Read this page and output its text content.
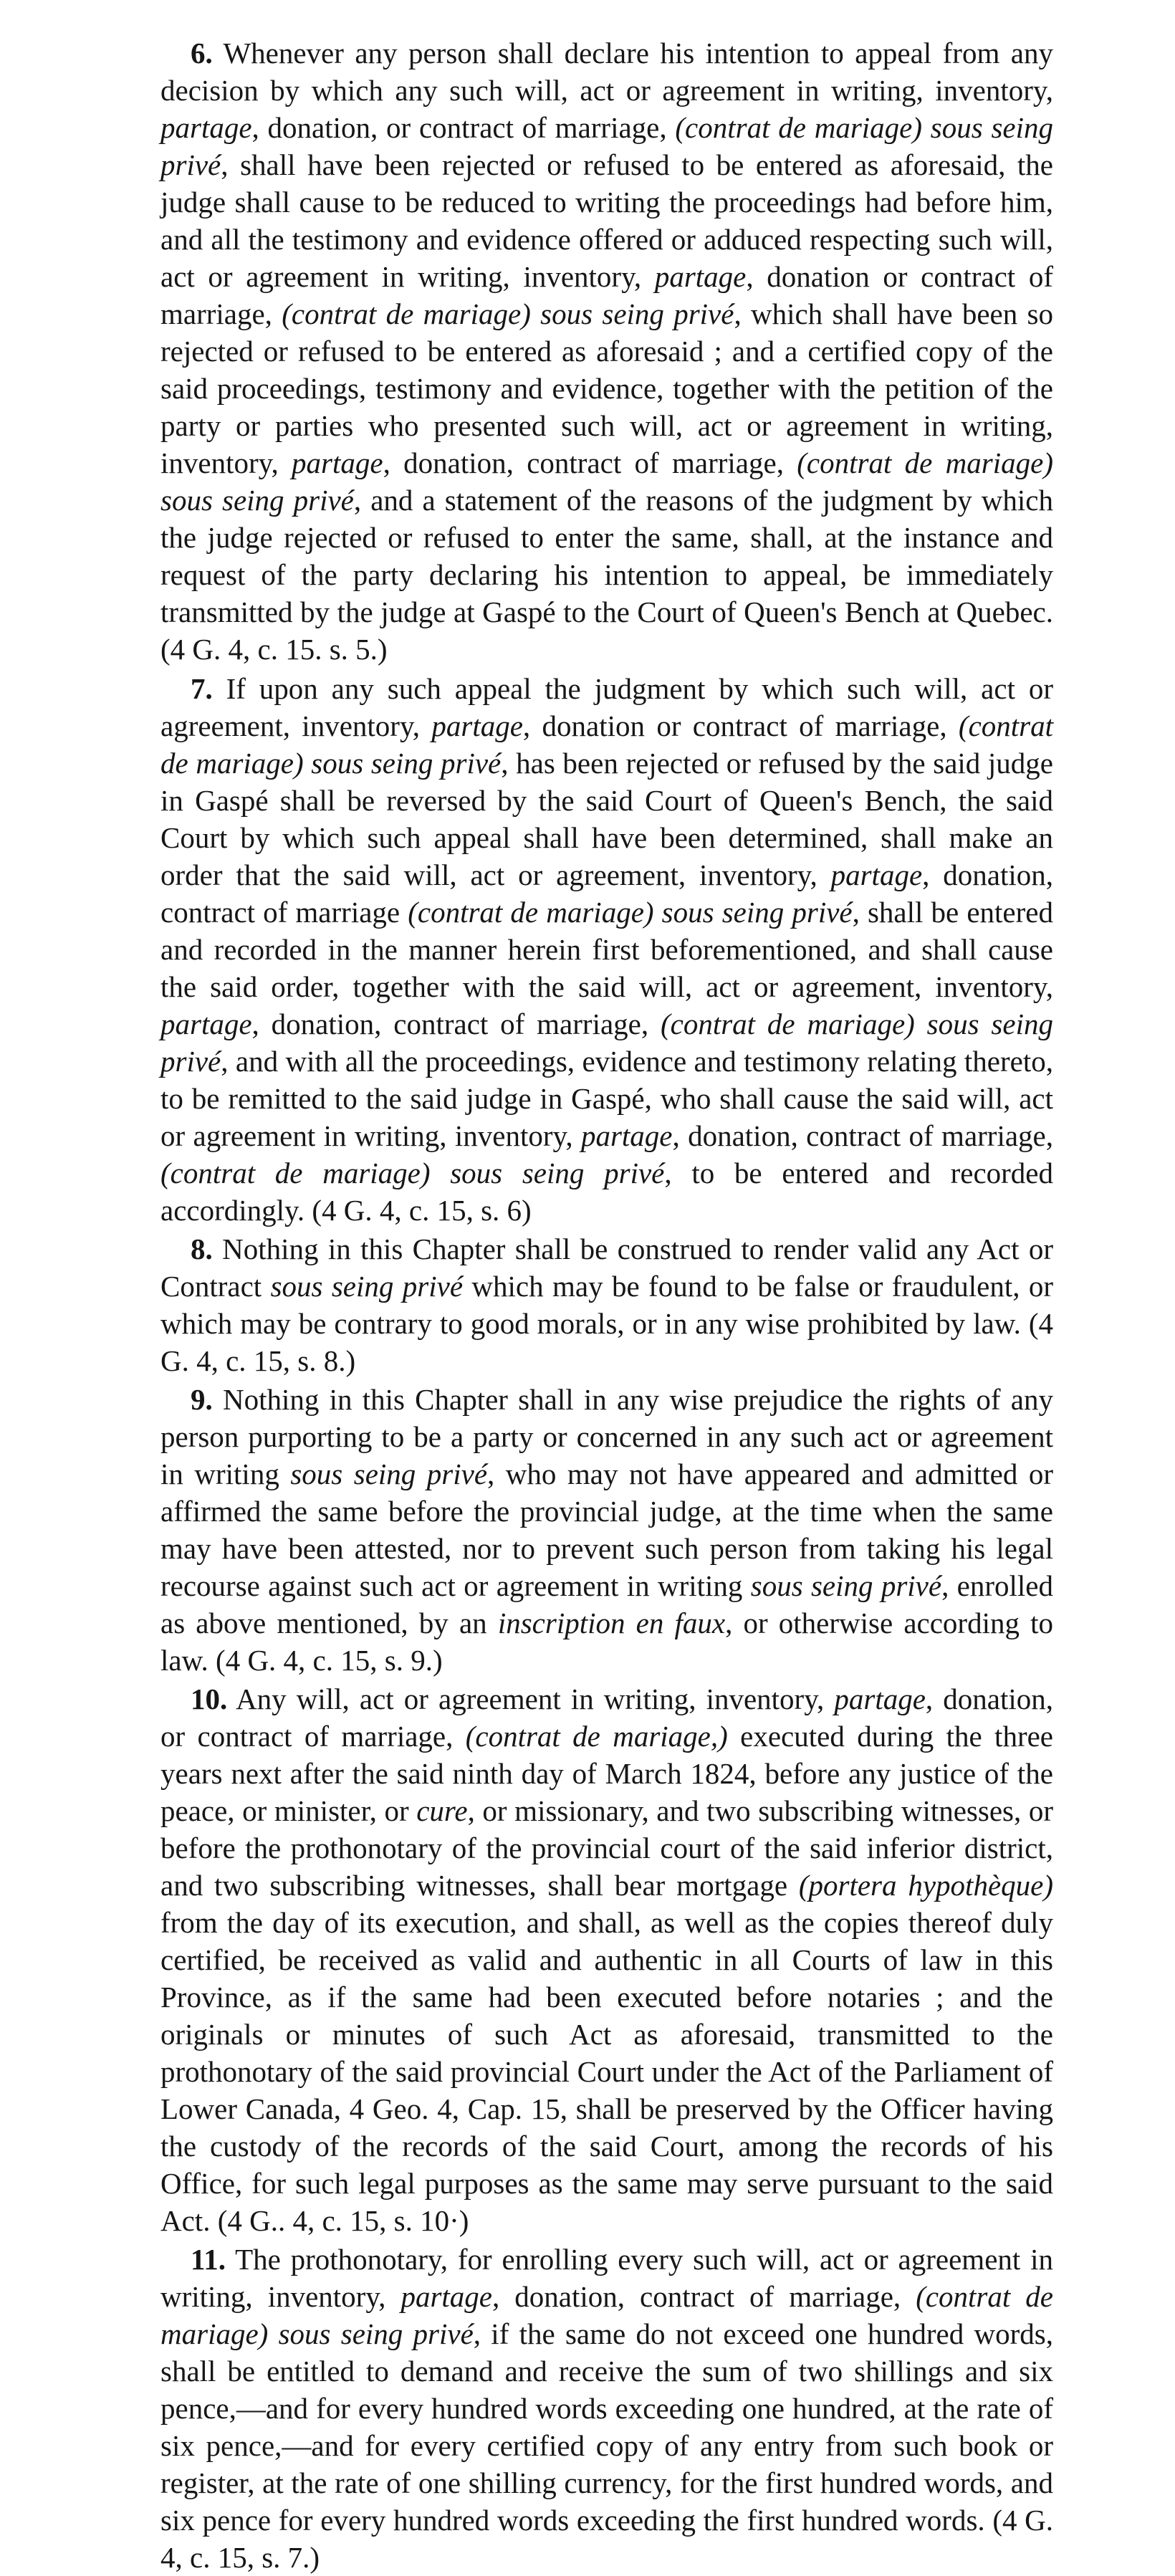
6. Whenever any person shall declare his intention to appeal from any decision by which any such will, act or agreement in writing, inventory, partage, donation, or contract of marriage, (contrat de mariage) sous seing privé, shall have been rejected or refused to be entered as aforesaid, the judge shall cause to be reduced to writing the proceedings had before him, and all the testimony and evidence offered or adduced respecting such will, act or agreement in writing, inventory, partage, donation or contract of marriage, (contrat de mariage) sous seing privé, which shall have been so rejected or refused to be entered as aforesaid ; and a certified copy of the said proceedings, testimony and evidence, together with the petition of the party or parties who presented such will, act or agreement in writing, inventory, partage, donation, contract of marriage, (contrat de mariage) sous seing privé, and a statement of the reasons of the judgment by which the judge rejected or refused to enter the same, shall, at the instance and request of the party declaring his intention to appeal, be immediately transmitted by the judge at Gaspé to the Court of Queen's Bench at Quebec. (4 G. 4, c. 15. s. 5.)

7. If upon any such appeal the judgment by which such will, act or agreement, inventory, partage, donation or contract of marriage, (contrat de mariage) sous seing privé, has been rejected or refused by the said judge in Gaspé shall be reversed by the said Court of Queen's Bench, the said Court by which such appeal shall have been determined, shall make an order that the said will, act or agreement, inventory, partage, donation, contract of marriage (contrat de mariage) sous seing privé, shall be entered and recorded in the manner herein first beforementioned, and shall cause the said order, together with the said will, act or agreement, inventory, partage, donation, contract of marriage, (contrat de mariage) sous seing privé, and with all the proceedings, evidence and testimony relating thereto, to be remitted to the said judge in Gaspé, who shall cause the said will, act or agreement in writing, inventory, partage, donation, contract of marriage, (contrat de mariage) sous seing privé, to be entered and recorded accordingly. (4 G. 4, c. 15, s. 6)

8. Nothing in this Chapter shall be construed to render valid any Act or Contract sous seing privé which may be found to be false or fraudulent, or which may be contrary to good morals, or in any wise prohibited by law. (4 G. 4, c. 15, s. 8.)

9. Nothing in this Chapter shall in any wise prejudice the rights of any person purporting to be a party or concerned in any such act or agreement in writing sous seing privé, who may not have appeared and admitted or affirmed the same before the provincial judge, at the time when the same may have been attested, nor to prevent such person from taking his legal recourse against such act or agreement in writing sous seing privé, enrolled as above mentioned, by an inscription en faux, or otherwise according to law. (4 G. 4, c. 15, s. 9.)

10. Any will, act or agreement in writing, inventory, partage, donation, or contract of marriage, (contrat de mariage,) executed during the three years next after the said ninth day of March 1824, before any justice of the peace, or minister, or cure, or missionary, and two subscribing witnesses, or before the prothonotary of the provincial court of the said inferior district, and two subscribing witnesses, shall bear mortgage (portera hypothèque) from the day of its execution, and shall, as well as the copies thereof duly certified, be received as valid and authentic in all Courts of law in this Province, as if the same had been executed before notaries ; and the originals or minutes of such Act as aforesaid, transmitted to the prothonotary of the said provincial Court under the Act of the Parliament of Lower Canada, 4 Geo. 4, Cap. 15, shall be preserved by the Officer having the custody of the records of the said Court, among the records of his Office, for such legal purposes as the same may serve pursuant to the said Act. (4 G.. 4, c. 15, s. 10·)

11. The prothonotary, for enrolling every such will, act or agreement in writing, inventory, partage, donation, contract of marriage, (contrat de mariage) sous seing privé, if the same do not exceed one hundred words, shall be entitled to demand and receive the sum of two shillings and six pence,—and for every hundred words exceeding one hundred, at the rate of six pence,—and for every certified copy of any entry from such book or register, at the rate of one shilling currency, for the first hundred words, and six pence for every hundred words exceeding the first hundred words. (4 G. 4, c. 15, s. 7.)
